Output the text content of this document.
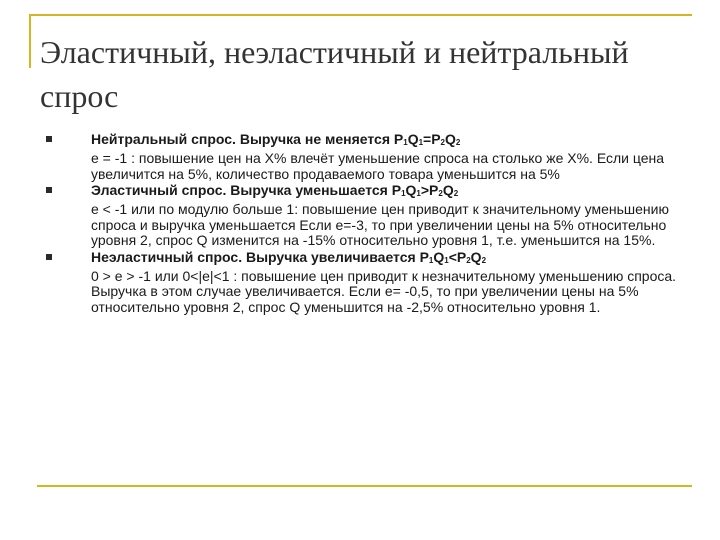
Эластичный, неэластичный и нейтральный спрос
Нейтральный спрос. Выручка не меняется $P_1Q_1=P_2Q_2$
e = -1 : повышение цен на X% влечёт уменьшение спроса на столько же X%. Если цена увеличится на 5%, количество продаваемого товара уменьшится на 5%
Эластичный спрос. Выручка уменьшается $P_1Q_1>P_2Q_2$
e < -1 или по модулю больше 1: повышение цен приводит к значительному уменьшению спроса и выручка уменьшается Если e=-3, то при увеличении цены на 5% относительно уровня 2, спрос Q изменится на -15% относительно уровня 1, т.е. уменьшится на 15%.
Неэластичный спрос. Выручка увеличивается $P_1Q_1<P_2Q_2$
0 > e > -1 или 0<|e|<1 : повышение цен приводит к незначительному уменьшению спроса. Выручка в этом случае увеличивается. Если e= -0,5, то при увеличении цены на 5% относительно уровня 2, спрос Q уменьшится на -2,5% относительно уровня 1.
